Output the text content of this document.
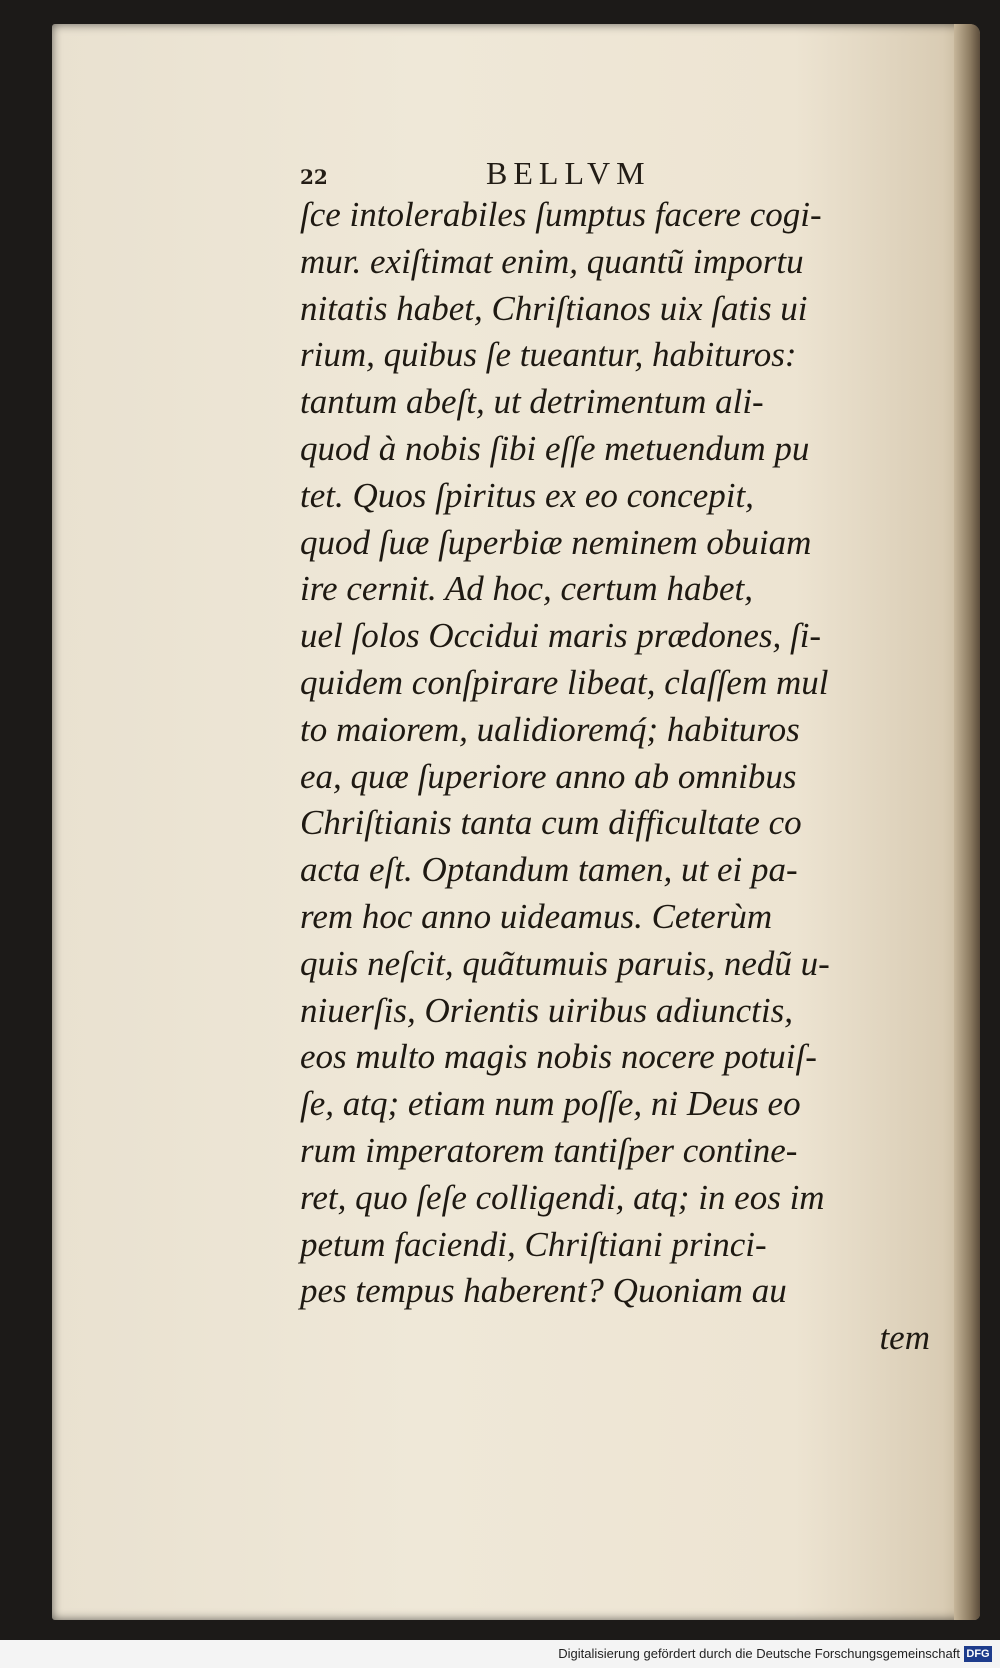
22	BELLVM
ſce intolerabiles ſumptus facere cogi-
mur. exiſtimat enim, quantũ importu
nitatis habet, Chriſtianos uix ſatis ui
rium, quibus ſe tueantur, habituros:
tantum abeſt, ut detrimentum ali-
quod à nobis ſibi eſſe metuendum pu
tet. Quos ſpiritus ex eo concepit,
quod ſuæ ſuperbiæ neminem obuiam
ire cernit. Ad hoc, certum habet,
uel ſolos Occidui maris prædones, ſi-
quidem conſpirare libeat, claſſem mul
to maiorem, ualidioremq́; habituros
ea, quæ ſuperiore anno ab omnibus
Chriſtianis tanta cum difficultate co
acta eſt. Optandum tamen, ut ei pa-
rem hoc anno uideamus. Ceterùm
quis neſcit, quãtumuis paruis, nedũ u-
niuerſis, Orientis uiribus adiunctis,
eos multo magis nobis nocere potuiſ-
ſe, atq; etiam num poſſe, ni Deus eo
rum imperatorem tantiſper contine-
ret, quo ſeſe colligendi, atq; in eos im
petum faciendi, Chriſtiani princi-
pes tempus haberent? Quoniam au
tem
Digitalisierung gefördert durch die Deutsche Forschungsgemeinschaft DFG
